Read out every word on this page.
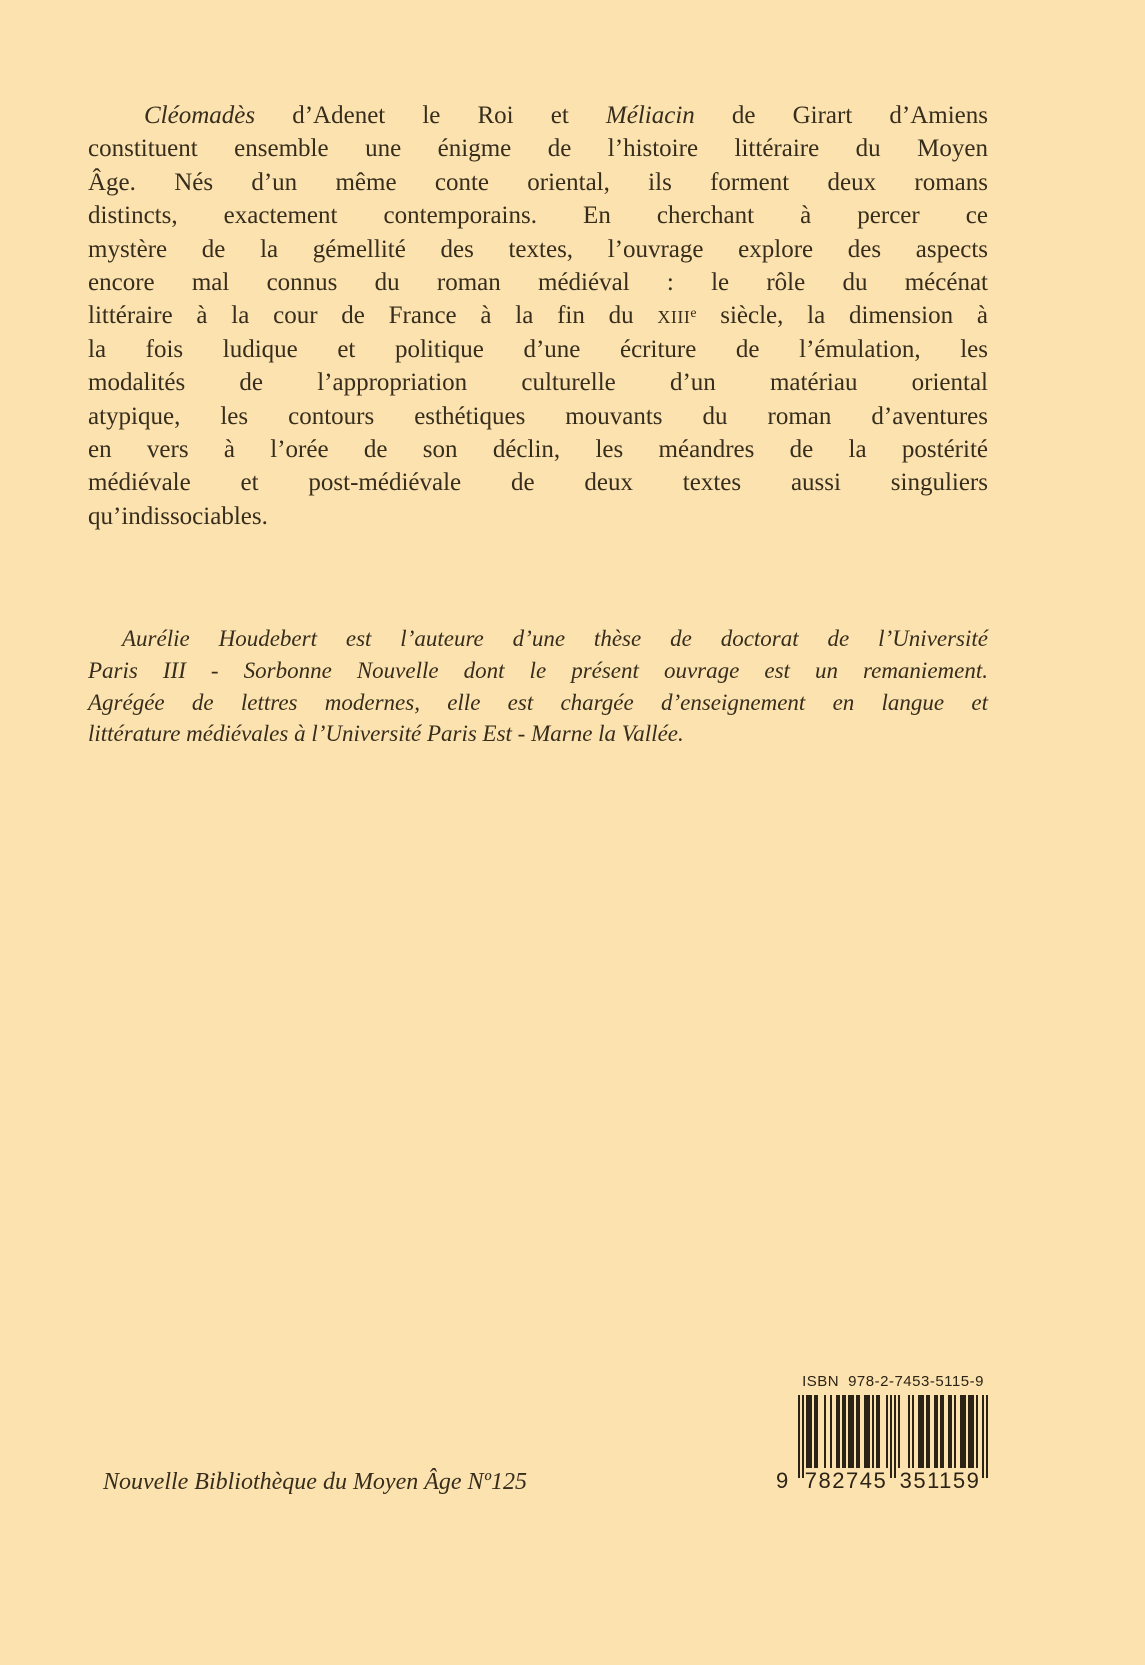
Cléomadès d’Adenet le Roi et Méliacin de Girart d’Amiens
constituent ensemble une énigme de l’histoire littéraire du Moyen
Âge. Nés d’un même conte oriental, ils forment deux romans
distincts, exactement contemporains. En cherchant à percer ce
mystère de la gémellité des textes, l’ouvrage explore des aspects
encore mal connus du roman médiéval : le rôle du mécénat
littéraire à la cour de France à la fin du xiii$^e$ siècle, la dimension à
la fois ludique et politique d’une écriture de l’émulation, les
modalités de l’appropriation culturelle d’un matériau oriental
atypique, les contours esthétiques mouvants du roman d’aventures
en vers à l’orée de son déclin, les méandres de la postérité
médiévale et post-médiévale de deux textes aussi singuliers
qu’indissociables.
Aurélie Houdebert est l’auteure d’une thèse de doctorat de l’Université
Paris III - Sorbonne Nouvelle dont le présent ouvrage est un remaniement.
Agrégée de lettres modernes, elle est chargée d’enseignement en langue et
littérature médiévales à l’Université Paris Est - Marne la Vallée.
Nouvelle Bibliothèque du Moyen Âge Nº125
ISBN 978-2-7453-5115-9
9 782745 351159
